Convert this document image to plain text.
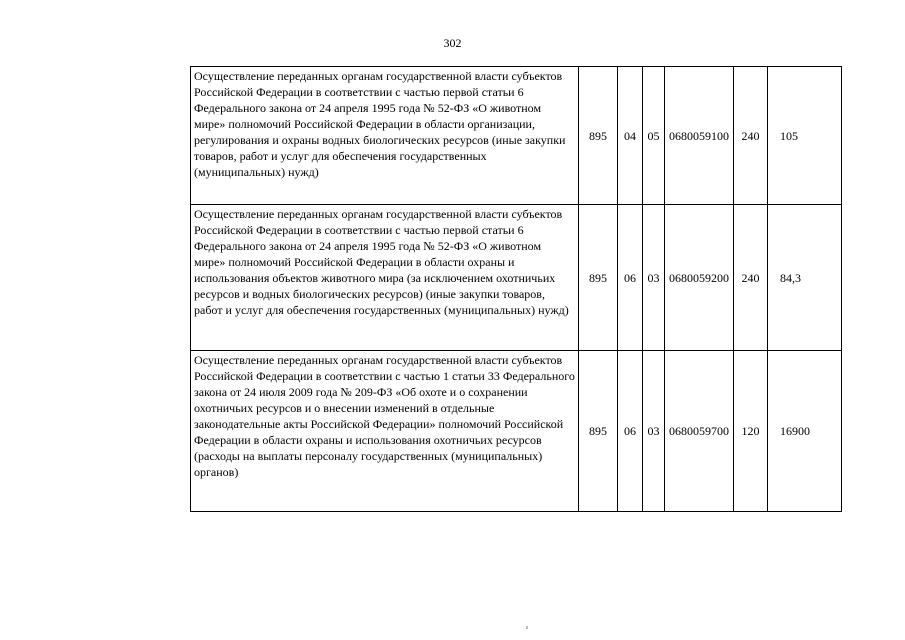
302
Осуществление переданных органам государственной власти субъектов Российской Федерации в соответствии с частью первой статьи 6 Федерального закона от 24 апреля 1995 года № 52-ФЗ «О животном мире» полномочий Российской Федерации в области организации, регулирования и охраны водных биологических ресурсов (иные закупки товаров, работ и услуг для обеспечения государственных (муниципальных) нужд)	895	04	05	0680059100	240	105
Осуществление переданных органам государственной власти субъектов Российской Федерации в соответствии с частью первой статьи 6 Федерального закона от 24 апреля 1995 года № 52-ФЗ «О животном мире» полномочий Российской Федерации в области охраны и использования объектов животного мира (за исключением охотничьих ресурсов и водных биологических ресурсов) (иные закупки товаров, работ и услуг для обеспечения государственных (муниципальных) нужд)	895	06	03	0680059200	240	84,3
Осуществление переданных органам государственной власти субъектов Российской Федерации в соответствии с частью 1 статьи 33 Федерального закона от 24 июля 2009 года № 209-ФЗ «Об охоте и о сохранении охотничьих ресурсов и о внесении изменений в отдельные законодательные акты Российской Федерации» полномочий Российской Федерации в области охраны и использования охотничьих ресурсов (расходы на выплаты персоналу государственных (муниципальных) органов)	895	06	03	0680059700	120	16900
